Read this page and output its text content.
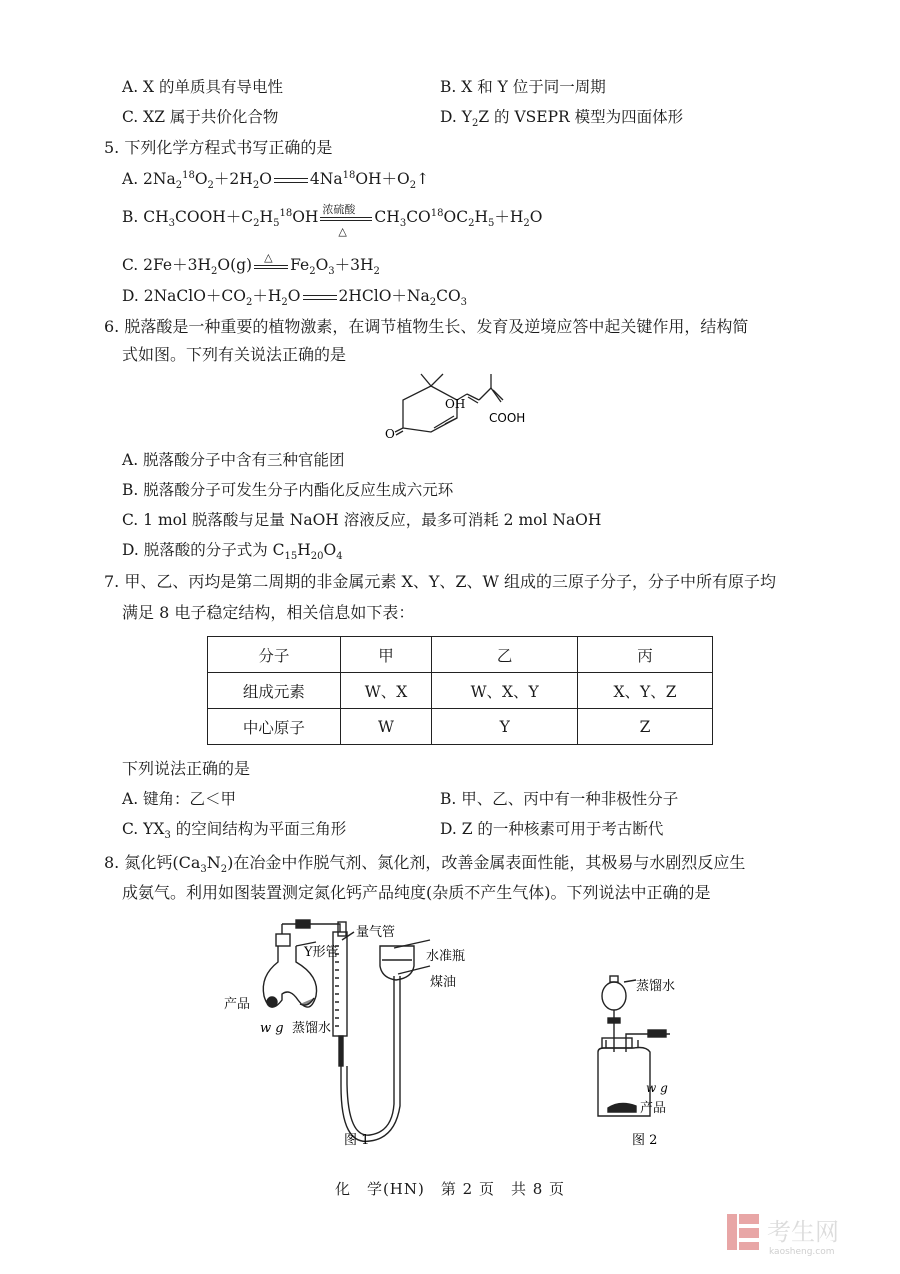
A. X 的单质具有导电性	B. X 和 Y 位于同一周期
C. XZ 属于共价化合物	D. $Y_2Z$ 的 VSEPR 模型为四面体形
5. 下列化学方程式书写正确的是
A. $2Na_2^{18}O_2+2H_2O$ $4Na^{18}OH+O_2↑$
B. $CH_3COOH+C_2H_5^{18}OH$ 浓硫酸
△
$CH_3CO^{18}OC_2H_5+H_2O$
C. $2Fe+3H_2O(g)$ △ $Fe_2O_3+3H_2$
D. $2NaClO+CO_2+H_2O$ $2HClO+Na_2CO_3$
6. 脱落酸是一种重要的植物激素，在调节植物生长、发育及逆境应答中起关键作用，结构简
式如图。下列有关说法正确的是
OH
COOH
O
A. 脱落酸分子中含有三种官能团
B. 脱落酸分子可发生分子内酯化反应生成六元环
C. 1 mol 脱落酸与足量 NaOH 溶液反应，最多可消耗 2 mol NaOH
D. 脱落酸的分子式为 $C_{15}H_{20}O_4$
7. 甲、乙、丙均是第二周期的非金属元素 X、Y、Z、W 组成的三原子分子，分子中所有原子均
满足 8 电子稳定结构，相关信息如下表：
分子	甲	乙	丙
组成元素	W、X	W、X、Y	X、Y、Z
中心原子	W	Y	Z
下列说法正确的是
A. 键角：乙＜甲	B. 甲、乙、丙中有一种非极性分子
C. $YX_3$ 的空间结构为平面三角形	D. Z 的一种核素可用于考古断代
8. 氮化钙$(Ca_3N_2)$在冶金中作脱气剂、氮化剂，改善金属表面性能，其极易与水剧烈反应生
成氨气。利用如图装置测定氮化钙产品纯度(杂质不产生气体)。下列说法中正确的是
Y形管
量气管
水准瓶
煤油
产品
w g 蒸馏水
图 1
蒸馏水
w g
产品
图 2
化　学(HN)　第 2 页　共 8 页
考生网
kaosheng.com
